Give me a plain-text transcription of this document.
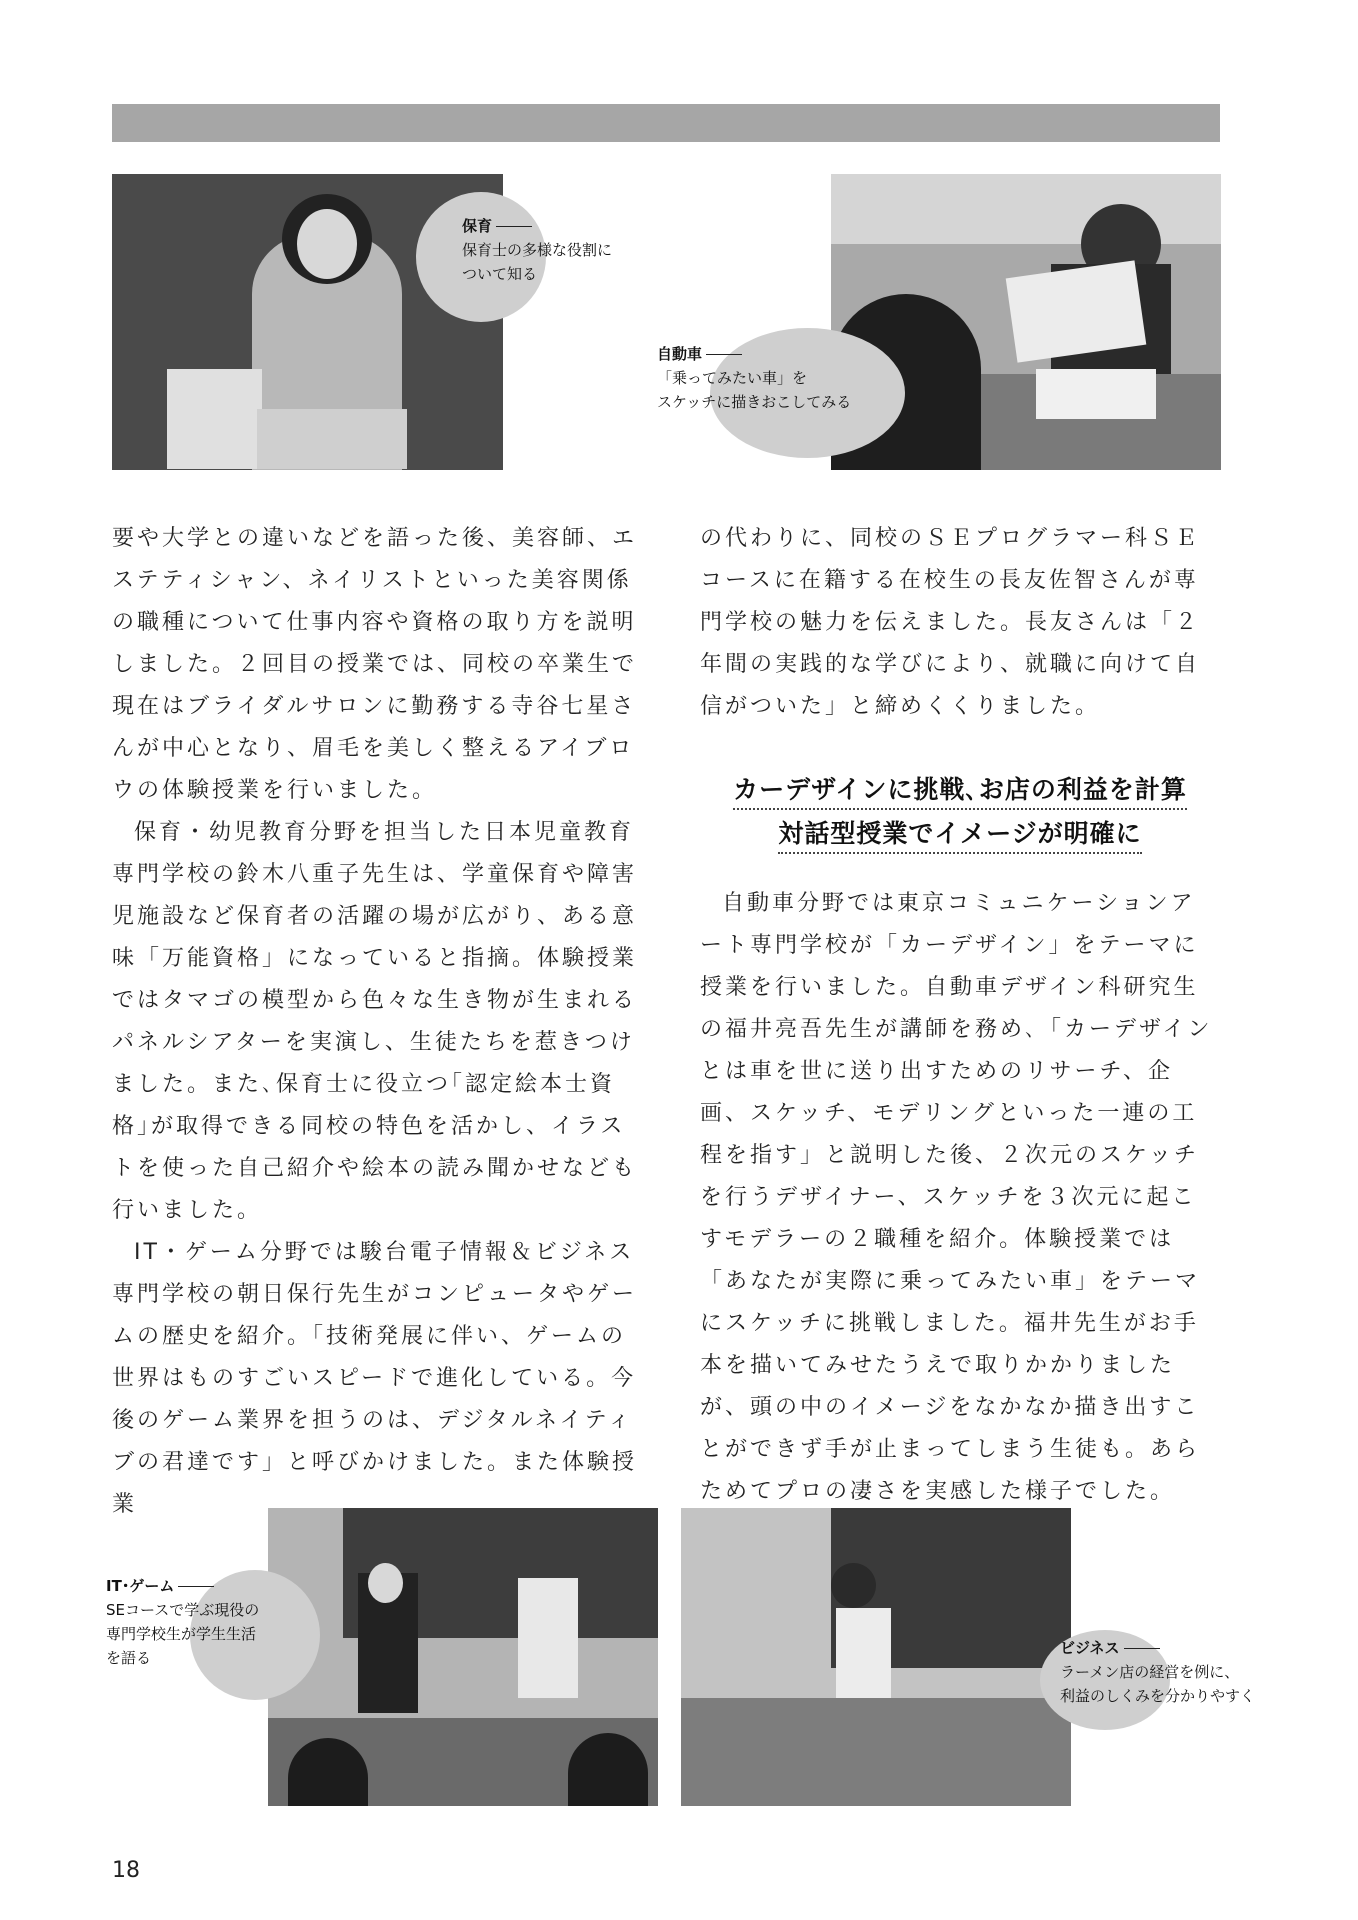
保育
保育士の多様な役割に
ついて知る
自動車
「乗ってみたい車」を
スケッチに描きおこしてみる

要や大学との違いなどを語った後、美容師、エステティシャン、ネイリストといった美容関係の職種について仕事内容や資格の取り方を説明しました。２回目の授業では、同校の卒業生で現在はブライダルサロンに勤務する寺谷七星さんが中心となり、眉毛を美しく整えるアイブロウの体験授業を行いました。

保育・幼児教育分野を担当した日本児童教育専門学校の鈴木八重子先生は、学童保育や障害児施設など保育者の活躍の場が広がり、ある意味「万能資格」になっていると指摘。体験授業ではタマゴの模型から色々な生き物が生まれるパネルシアターを実演し、生徒たちを惹きつけました。また､保育士に役立つ｢認定絵本士資格｣が取得できる同校の特色を活かし、イラストを使った自己紹介や絵本の読み聞かせなども行いました。

IT・ゲーム分野では駿台電子情報＆ビジネス専門学校の朝日保行先生がコンピュータやゲームの歴史を紹介。｢技術発展に伴い、ゲームの世界はものすごいスピードで進化している。今後のゲーム業界を担うのは、デジタルネイティブの君達です」と呼びかけました。また体験授業

の代わりに、同校のＳＥプログラマー科ＳＥコースに在籍する在校生の長友佐智さんが専門学校の魅力を伝えました。長友さんは「２年間の実践的な学びにより、就職に向けて自信がついた」と締めくくりました。

カーデザインに挑戦､お店の利益を計算
対話型授業でイメージが明確に

自動車分野では東京コミュニケーションアート専門学校が「カーデザイン」をテーマに授業を行いました。自動車デザイン科研究生の福井亮吾先生が講師を務め､「カーデザインとは車を世に送り出すためのリサーチ、企画、スケッチ、モデリングといった一連の工程を指す」と説明した後、２次元のスケッチを行うデザイナー、スケッチを３次元に起こすモデラーの２職種を紹介。体験授業では「あなたが実際に乗ってみたい車」をテーマにスケッチに挑戦しました。福井先生がお手本を描いてみせたうえで取りかかりましたが、頭の中のイメージをなかなか描き出すことができず手が止まってしまう生徒も。あらためてプロの凄さを実感した様子でした。

IT･ゲーム
SEコースで学ぶ現役の
専門学校生が学生生活
を語る
ビジネス
ラーメン店の経営を例に、
利益のしくみを分かりやすく
18
